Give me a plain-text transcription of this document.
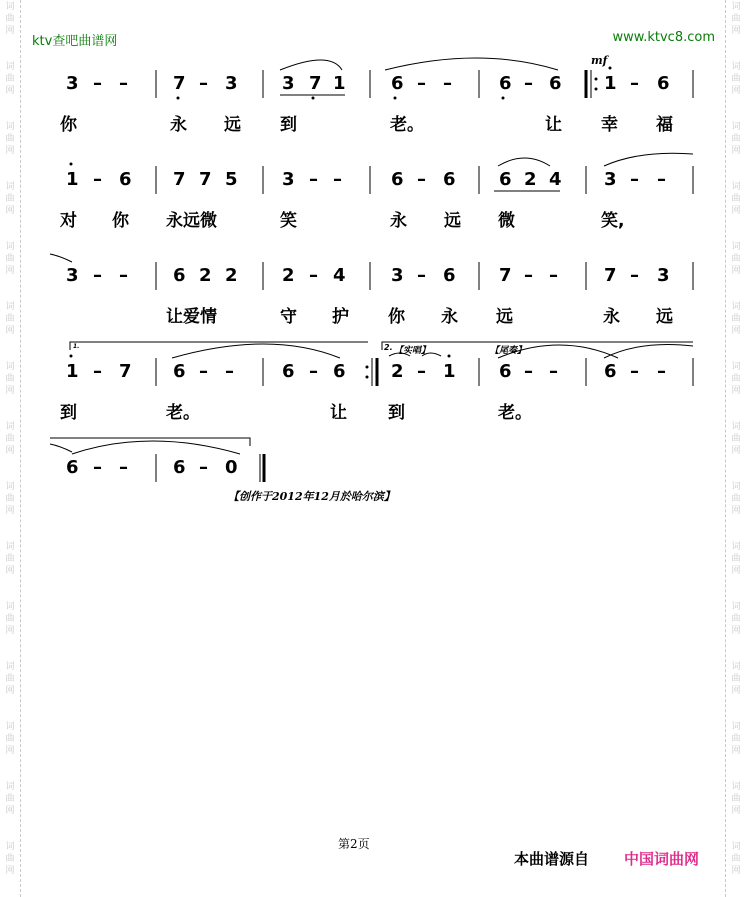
词
曲
网
词
曲
网
词
曲
网
词
曲
网
词
曲
网
词
曲
网
词
曲
网
词
曲
网
词
曲
网
词
曲
网
词
曲
网
词
曲
网
词
曲
网
词
曲
网
词
曲
网
词
曲
网
词
曲
网
词
曲
网
词
曲
网
词
曲
网
词
曲
网
词
曲
网
词
曲
网
词
曲
网
词
曲
网
词
曲
网
词
曲
网
词
曲
网
词
曲
网
词
曲
网
ktv查吧曲谱网	www.ktvc8.com
mf
3 – –	7 – 3 3 7 1	6 – –	6 – 6 1 – 6
你	永 远 到	老。	让 幸 福
1 – 6 7 7 5 3 – –	6 – 6 6 2 4 3 – –
对 你 永远微	笑	永 远 微	笑,
3 – –	6 2 2 2 – 4	3 – 6 7 – –	7 – 3
让爱情	守 护 你 永 远	永 远
1 – 7 6 – –	6 – 6	2 – 1 6 – –	6 – –
到	老。	让 到	老。
6 – –	6 – 0
1.	2. 【实唱】	【尾奏】
【创作于2012年12月於哈尔滨】
第2页
本曲谱源自 中国词曲网
